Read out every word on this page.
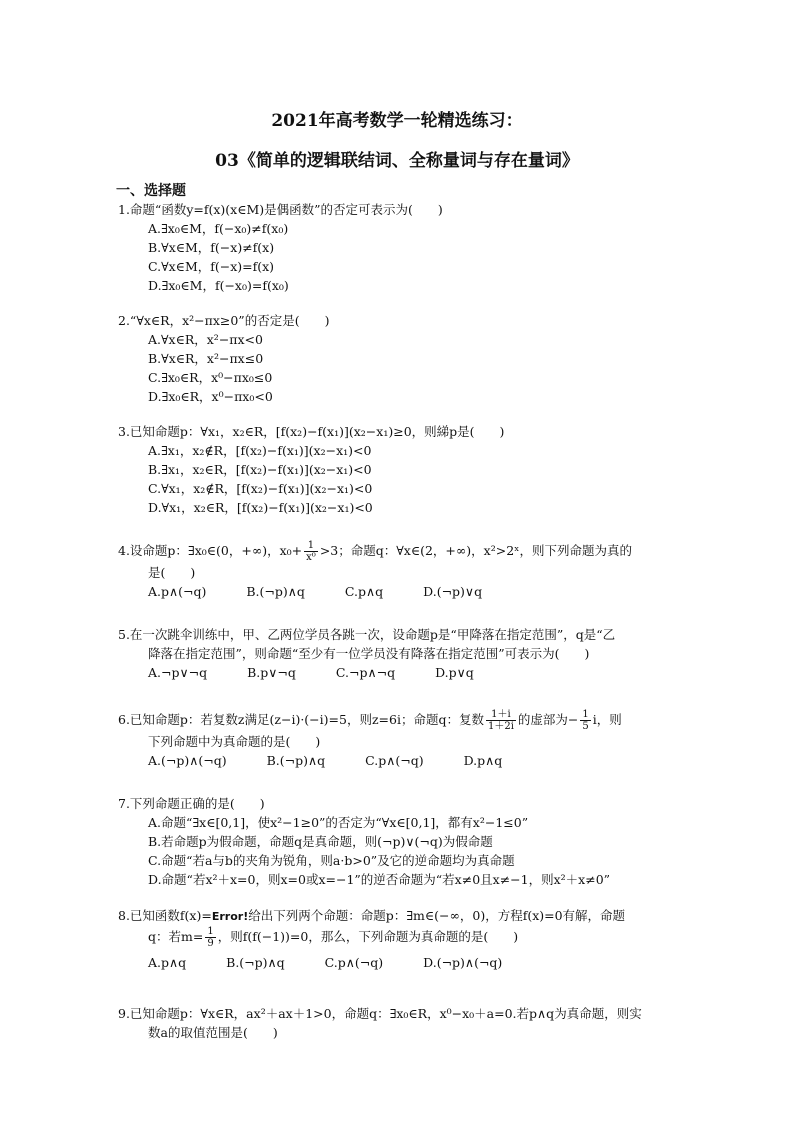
2021年高考数学一轮精选练习：
03《简单的逻辑联结词、全称量词与存在量词》
一、选择题
1.命题“函数y=f(x)(x∈M)是偶函数”的否定可表示为(　　)
A.∃x₀∈M，f(−x₀)≠f(x₀)
B.∀x∈M，f(−x)≠f(x)
C.∀x∈M，f(−x)=f(x)
D.∃x₀∈M，f(−x₀)=f(x₀)
2.“∀x∈R，x²−πx≥0”的否定是(　　)
A.∀x∈R，x²−πx<0
B.∀x∈R，x²−πx≤0
C.∃x₀∈R，x⁰−πx₀≤0
D.∃x₀∈R，x⁰−πx₀<0
3.已知命题p：∀x₁，x₂∈R，[f(x₂)−f(x₁)](x₂−x₁)≥0，则綈p是(　　)
A.∃x₁，x₂∉R，[f(x₂)−f(x₁)](x₂−x₁)<0
B.∃x₁，x₂∈R，[f(x₂)−f(x₁)](x₂−x₁)<0
C.∀x₁，x₂∉R，[f(x₂)−f(x₁)](x₂−x₁)<0
D.∀x₁，x₂∈R，[f(x₂)−f(x₁)](x₂−x₁)<0
4.设命题p：∃x₀∈(0，+∞)，$x_0+ \frac{1}{\text{x⁰}} >3$；命题q：∀x∈(2，+∞)，x²>2ˣ，则下列命题为真的
是(　　)
A.p∧(¬q)	B.(¬p)∧q	C.p∧q	D.(¬p)∨q
5.在一次跳伞训练中，甲、乙两位学员各跳一次，设命题p是“甲降落在指定范围”，q是“乙
降落在指定范围”，则命题“至少有一位学员没有降落在指定范围”可表示为(　　)
A.¬p∨¬q	B.p∨¬q	C.¬p∧¬q	D.p∨q
6.已知命题p：若复数z满足(z−i)·(−i)=5，则z=6i；命题q：复数 $\frac{1+i}{1+2i}$ 的虚部为− $\frac{1}{5}$ i，则
下列命题中为真命题的是(　　)
A.(¬p)∧(¬q)	B.(¬p)∧q	C.p∧(¬q)	D.p∧q
7.下列命题正确的是(　　)
A.命题“∃x∈[0,1]，使x²−1≥0”的否定为“∀x∈[0,1]，都有x²−1≤0”
B.若命题p为假命题，命题q是真命题，则(¬p)∨(¬q)为假命题
C.命题“若a与b的夹角为锐角，则a·b>0”及它的逆命题均为真命题
D.命题“若x²＋x=0，则x=0或x=−1”的逆否命题为“若x≠0且x≠−1，则x²＋x≠0”
8.已知函数f(x)=Error!给出下列两个命题：命题p：∃m∈(−∞，0)，方程f(x)=0有解，命题
q：若$m= \frac{1}{9}$ ，则f(f(−1))=0，那么，下列命题为真命题的是(　　)
A.p∧q	B.(¬p)∧q	C.p∧(¬q)	D.(¬p)∧(¬q)
9.已知命题p：∀x∈R，ax²＋ax＋1>0，命题q：∃x₀∈R，x⁰−x₀＋a=0.若p∧q为真命题，则实
数a的取值范围是(　　)
